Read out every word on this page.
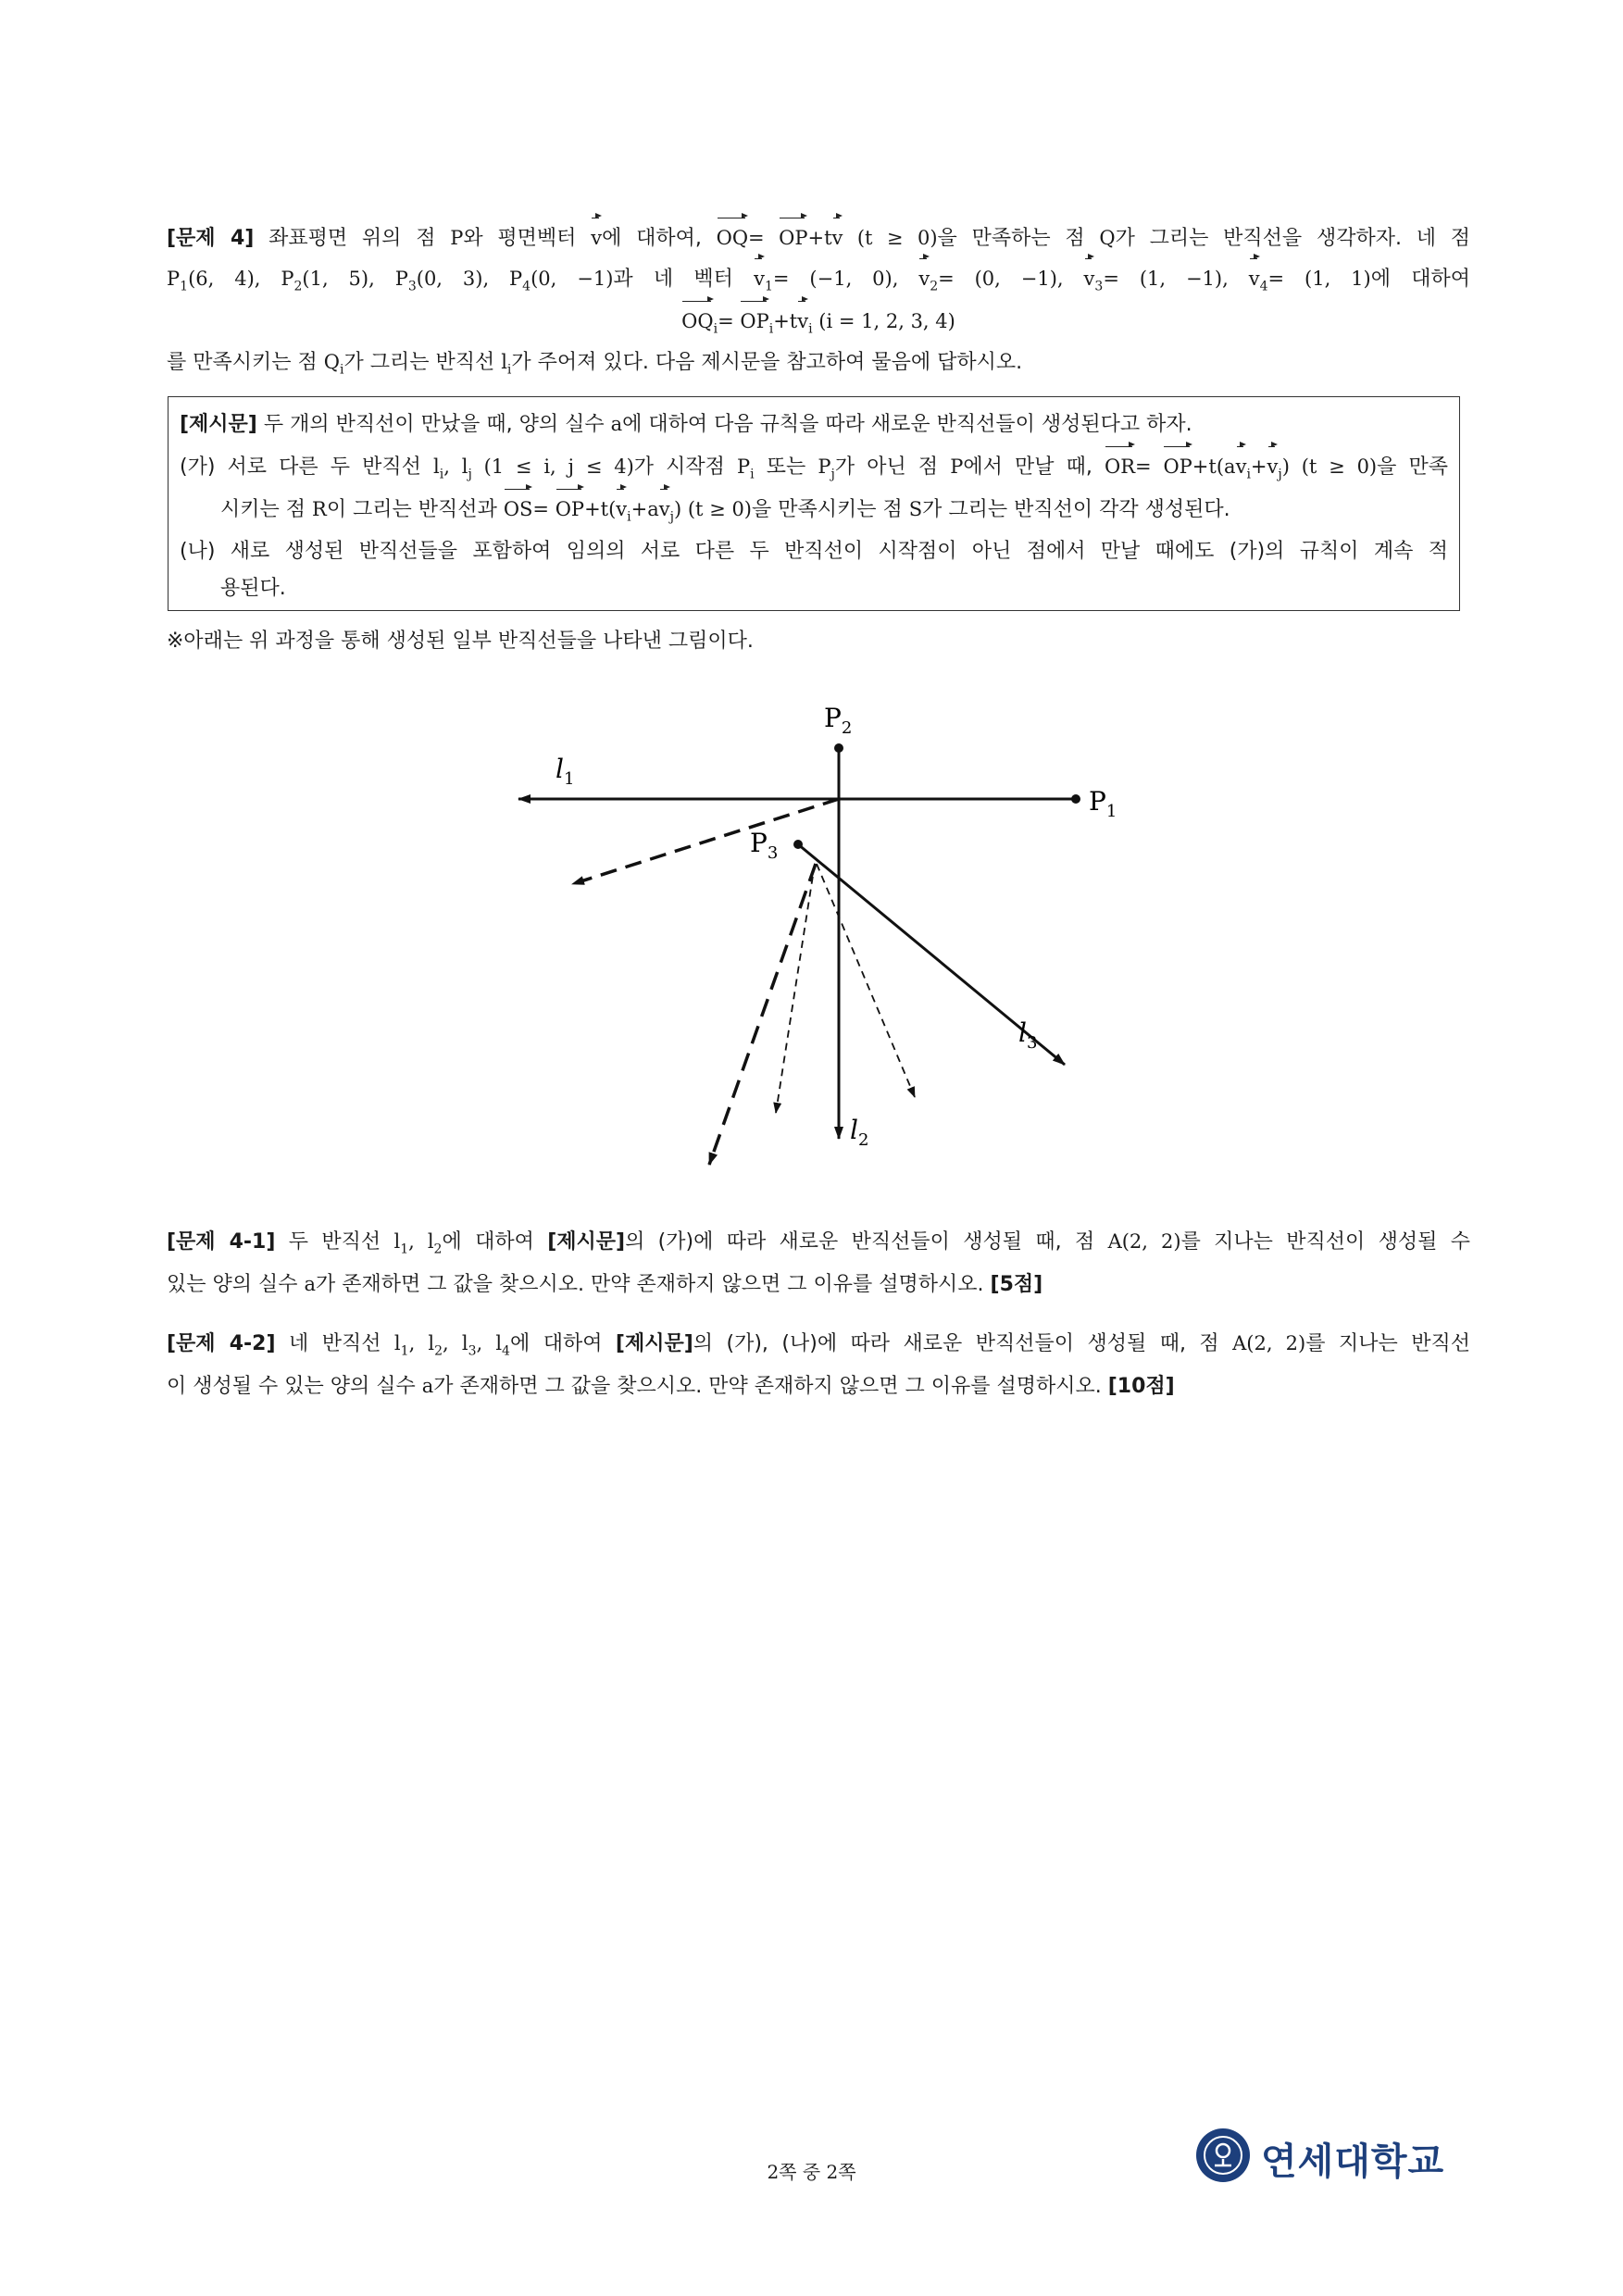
[문제 4] 좌표평면 위의 점 P와 평면벡터 v에 대하여, OQ= OP+tv (t ≥ 0)을 만족하는 점 Q가 그리는 반직선을 생각하자. 네 점
$P_1(6$, 4), $P_2(1$, 5), $P_3(0$, 3), $P_4(0$, −1)과 네 벡터 $v_1= (-1$, 0), $v_2= (0$, −1), $v_3= (1$, −1), $v_4= (1$, 1)에 대하여
$OQ_i= OP_i+tv_i$ (i = 1, 2, 3, 4)
를 만족시키는 점 $Q_i$가 그리는 반직선 $l_i$가 주어져 있다. 다음 제시문을 참고하여 물음에 답하시오.
[제시문] 두 개의 반직선이 만났을 때, 양의 실수 a에 대하여 다음 규칙을 따라 새로운 반직선들이 생성된다고 하자.
(가) 서로 다른 두 반직선 $l_i$, $l_j$ (1 ≤ i, j ≤ 4)가 시작점 $P_i$ 또는 $P_j$가 아닌 점 P에서 만날 때, $OR= OP+t(av_i+v_j) (t \ge 0)$을 만족
시키는 점 R이 그리는 반직선과 $OS= OP+t(v_i+av_j) (t \ge 0)$을 만족시키는 점 S가 그리는 반직선이 각각 생성된다.
(나) 새로 생성된 반직선들을 포함하여 임의의 서로 다른 두 반직선이 시작점이 아닌 점에서 만날 때에도 (가)의 규칙이 계속 적
용된다.
※아래는 위 과정을 통해 생성된 일부 반직선들을 나타낸 그림이다.
$P_2$
$P_1$
$P_3$
$l_1$
$l_2$
$l_3$
[문제 4-1] 두 반직선 $l_1$, $l_2$에 대하여 [제시문]의 (가)에 따라 새로운 반직선들이 생성될 때, 점 A(2, 2)를 지나는 반직선이 생성될 수
있는 양의 실수 a가 존재하면 그 값을 찾으시오. 만약 존재하지 않으면 그 이유를 설명하시오. [5점]
[문제 4-2] 네 반직선 $l_1$, $l_2$, $l_3$, $l_4$에 대하여 [제시문]의 (가), (나)에 따라 새로운 반직선들이 생성될 때, 점 A(2, 2)를 지나는 반직선
이 생성될 수 있는 양의 실수 a가 존재하면 그 값을 찾으시오. 만약 존재하지 않으면 그 이유를 설명하시오. [10점]
2쪽 중 2쪽	연세대학교
